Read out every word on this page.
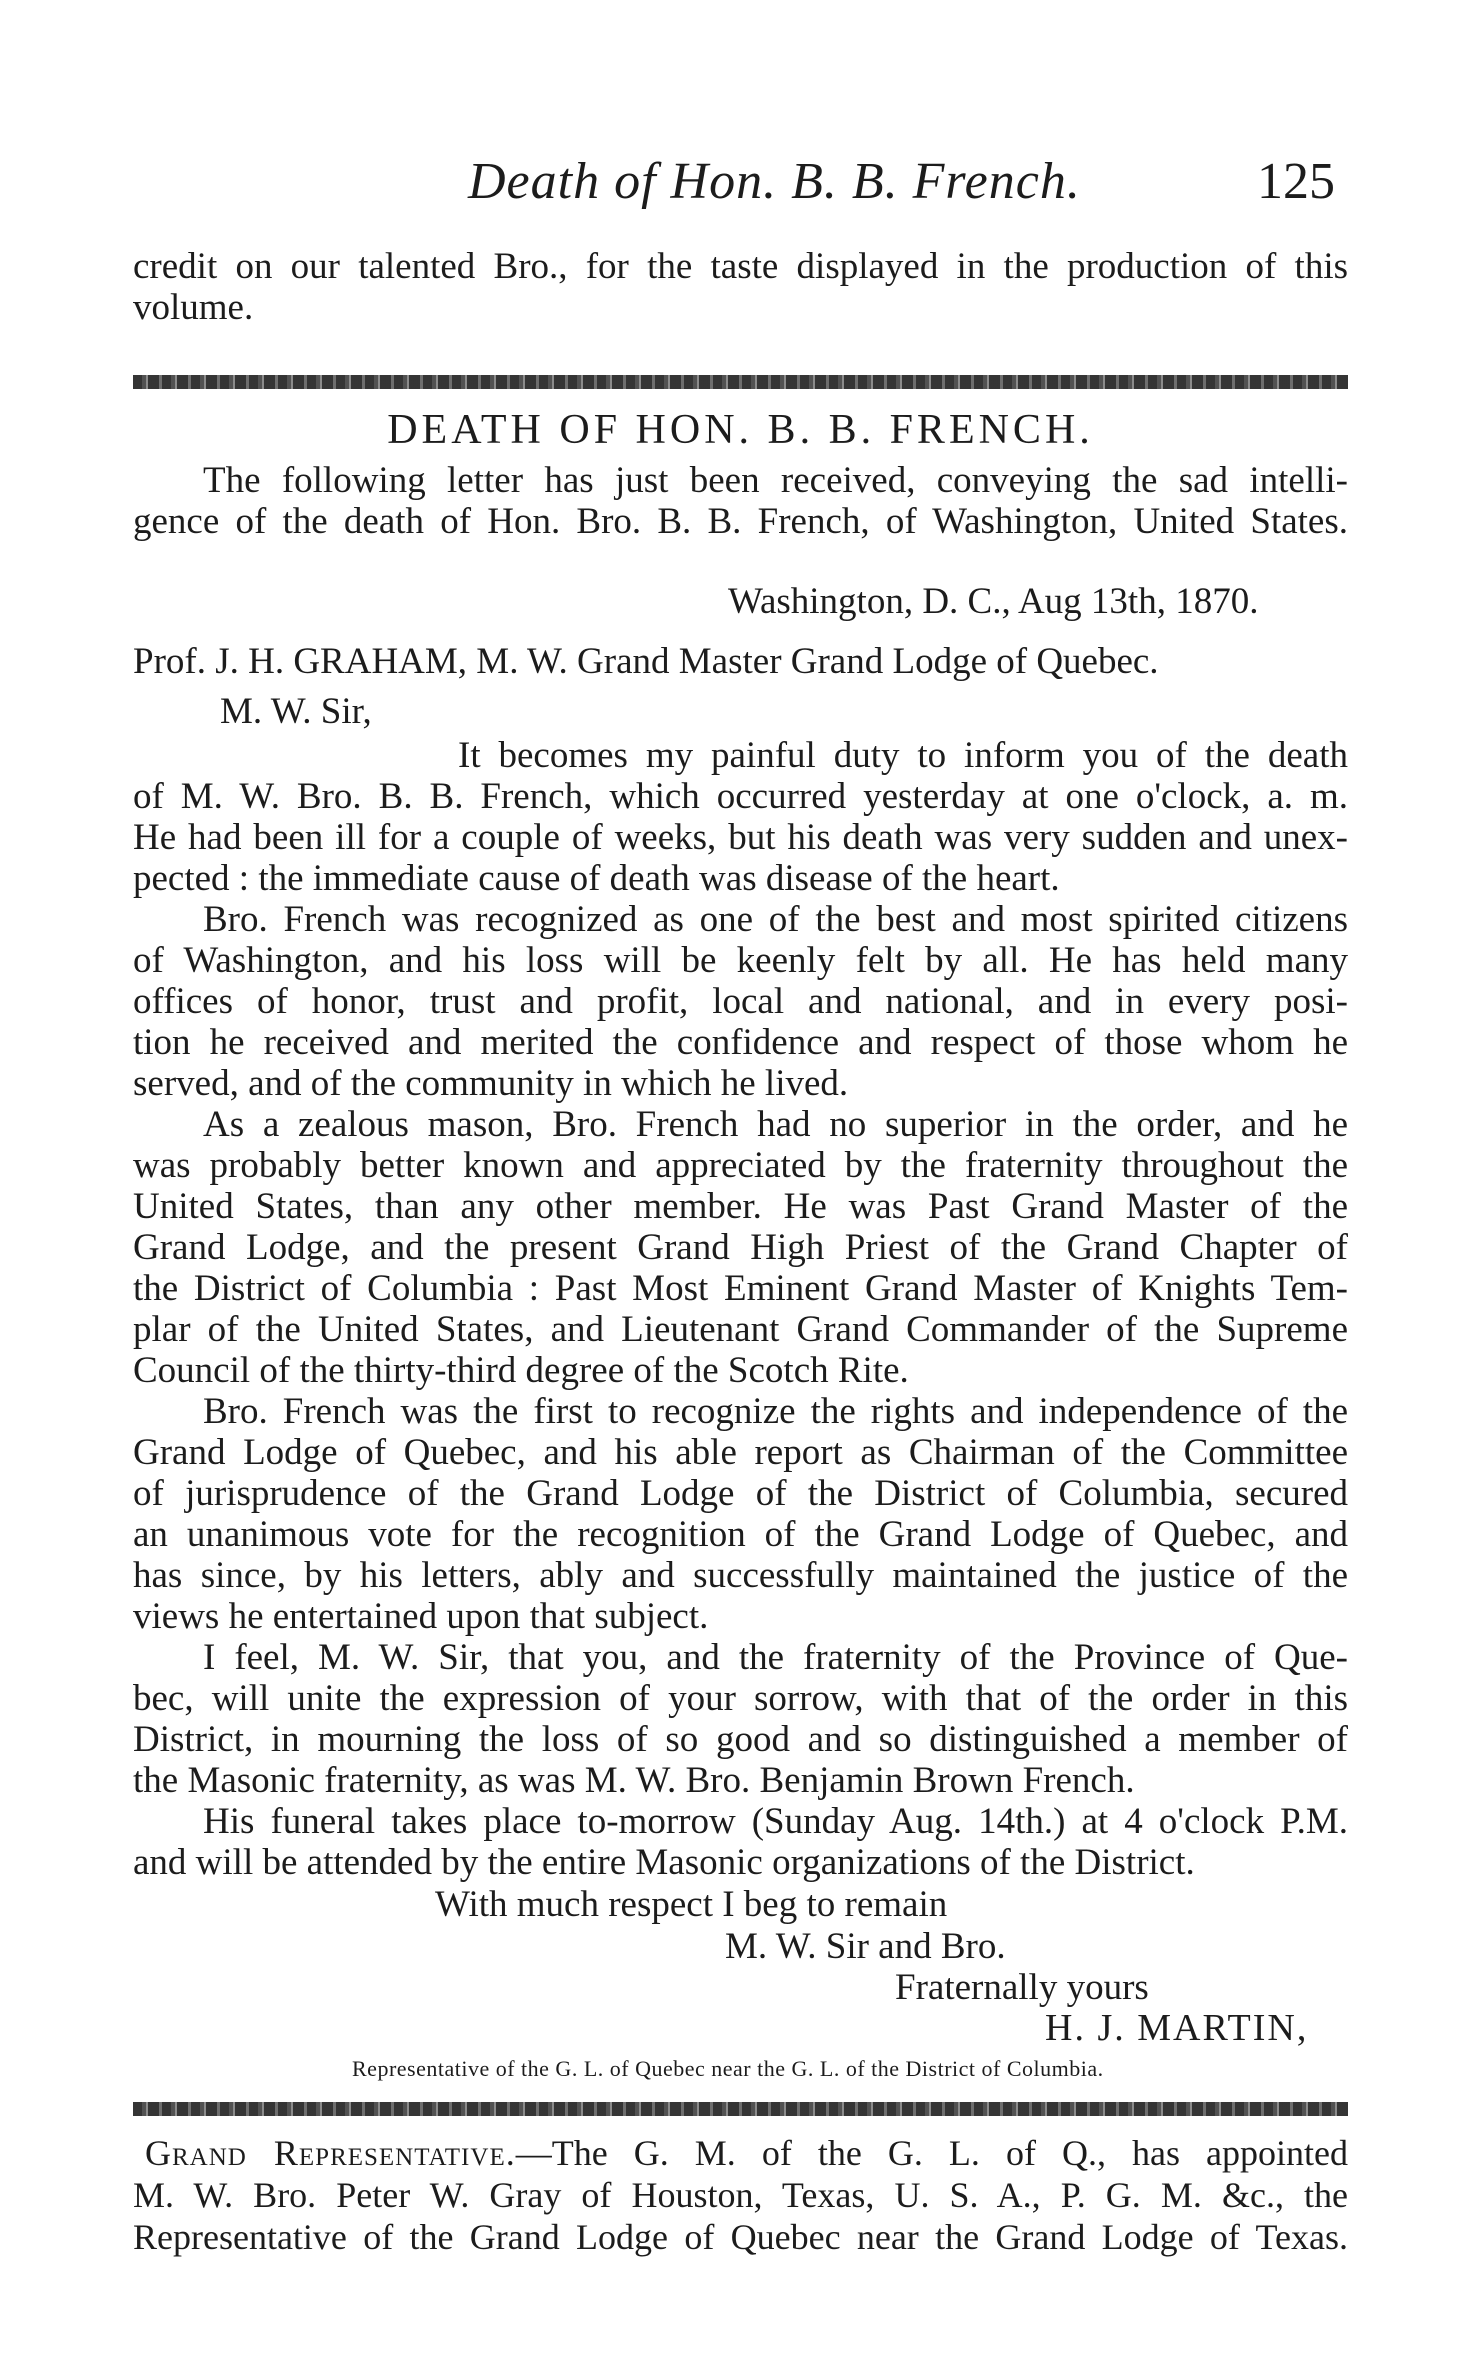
Death of Hon. B. B. French.	125
credit on our talented Bro., for the taste displayed in the production of this
volume.
DEATH OF HON. B. B. FRENCH.
The following letter has just been received, conveying the sad intelli-
gence of the death of Hon. Bro. B. B. French, of Washington, United States.
Washington, D. C., Aug 13th, 1870.
Prof. J. H. GRAHAM, M. W. Grand Master Grand Lodge of Quebec.
M. W. Sir,
It becomes my painful duty to inform you of the death
of M. W. Bro. B. B. French, which occurred yesterday at one o'clock, a. m.
He had been ill for a couple of weeks, but his death was very sudden and unex-
pected : the immediate cause of death was disease of the heart.
Bro. French was recognized as one of the best and most spirited citizens
of Washington, and his loss will be keenly felt by all. He has held many
offices of honor, trust and profit, local and national, and in every posi-
tion he received and merited the confidence and respect of those whom he
served, and of the community in which he lived.
As a zealous mason, Bro. French had no superior in the order, and he
was probably better known and appreciated by the fraternity throughout the
United States, than any other member. He was Past Grand Master of the
Grand Lodge, and the present Grand High Priest of the Grand Chapter of
the District of Columbia : Past Most Eminent Grand Master of Knights Tem-
plar of the United States, and Lieutenant Grand Commander of the Supreme
Council of the thirty-third degree of the Scotch Rite.
Bro. French was the first to recognize the rights and independence of the
Grand Lodge of Quebec, and his able report as Chairman of the Committee
of jurisprudence of the Grand Lodge of the District of Columbia, secured
an unanimous vote for the recognition of the Grand Lodge of Quebec, and
has since, by his letters, ably and successfully maintained the justice of the
views he entertained upon that subject.
I feel, M. W. Sir, that you, and the fraternity of the Province of Que-
bec, will unite the expression of your sorrow, with that of the order in this
District, in mourning the loss of so good and so distinguished a member of
the Masonic fraternity, as was M. W. Bro. Benjamin Brown French.
His funeral takes place to-morrow (Sunday Aug. 14th.) at 4 o'clock P.M.
and will be attended by the entire Masonic organizations of the District.
With much respect I beg to remain
M. W. Sir and Bro.
Fraternally yours
H. J. MARTIN,
Representative of the G. L. of Quebec near the G. L. of the District of Columbia.
Grand Representative.—The G. M. of the G. L. of Q., has appointed
M. W. Bro. Peter W. Gray of Houston, Texas, U. S. A., P. G. M. &c., the
Representative of the Grand Lodge of Quebec near the Grand Lodge of Texas.
